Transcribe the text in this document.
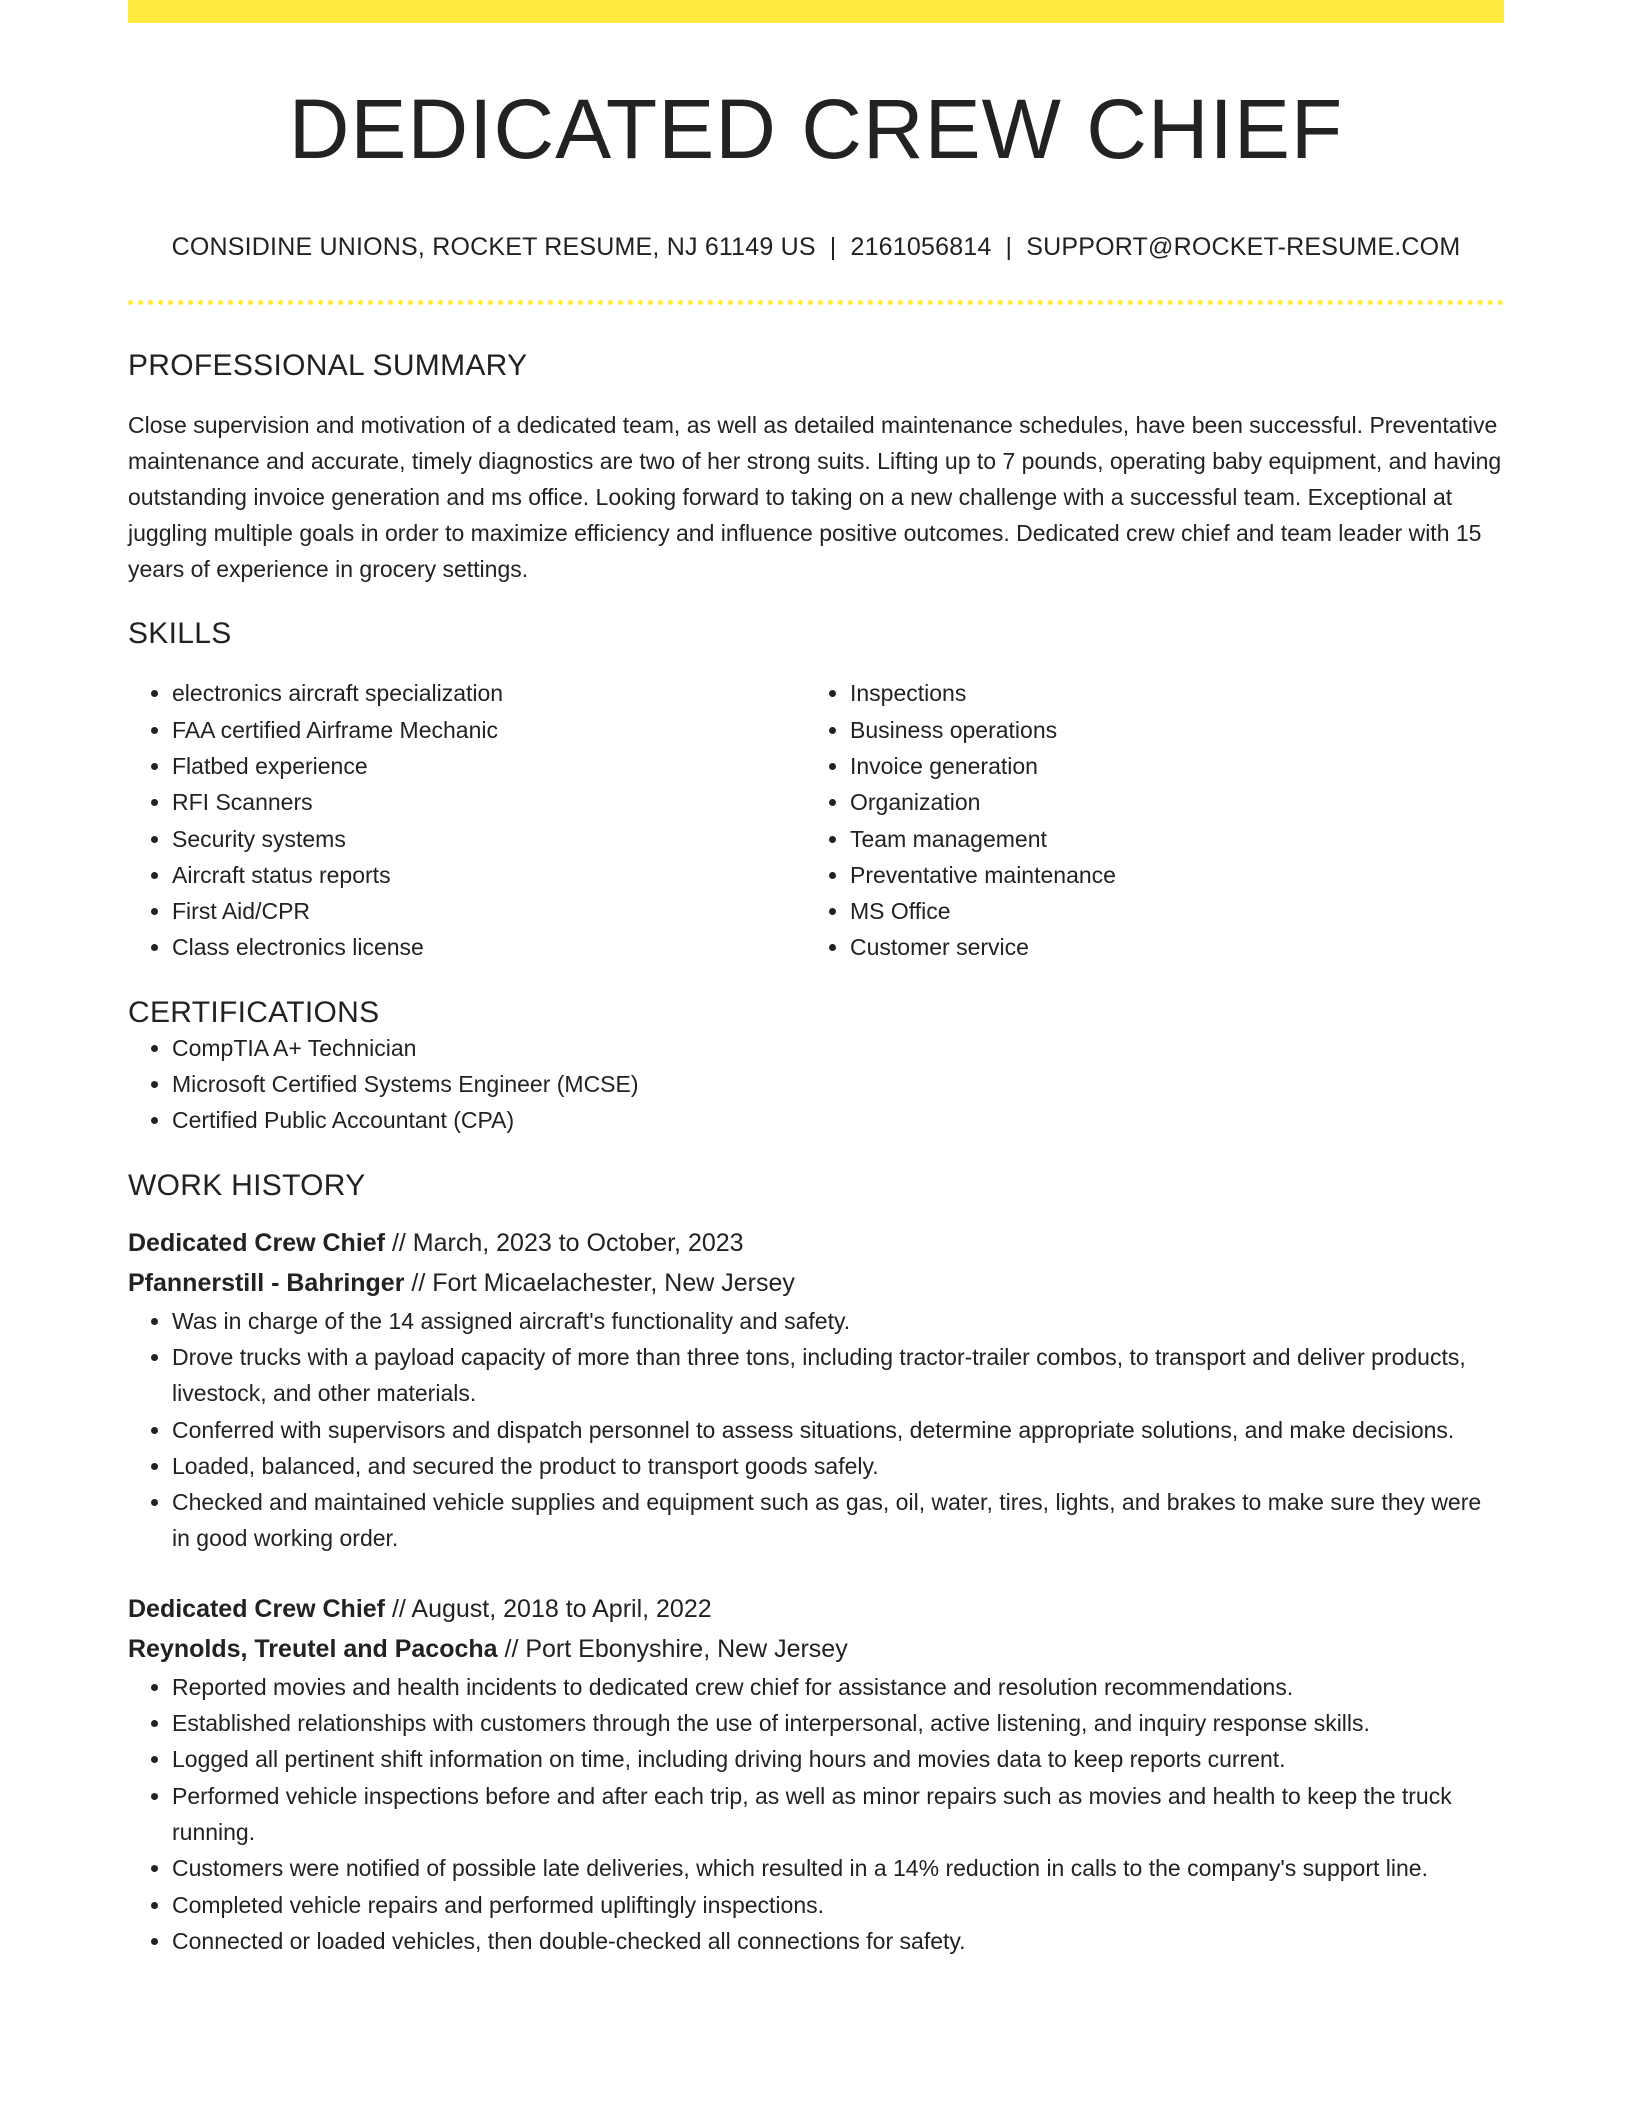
DEDICATED CREW CHIEF
CONSIDINE UNIONS, ROCKET RESUME, NJ 61149 US | 2161056814 | SUPPORT@ROCKET-RESUME.COM
PROFESSIONAL SUMMARY
Close supervision and motivation of a dedicated team, as well as detailed maintenance schedules, have been successful. Preventative maintenance and accurate, timely diagnostics are two of her strong suits. Lifting up to 7 pounds, operating baby equipment, and having outstanding invoice generation and ms office. Looking forward to taking on a new challenge with a successful team. Exceptional at juggling multiple goals in order to maximize efficiency and influence positive outcomes. Dedicated crew chief and team leader with 15 years of experience in grocery settings.
SKILLS
• electronics aircraft specialization
• FAA certified Airframe Mechanic
• Flatbed experience
• RFI Scanners
• Security systems
• Aircraft status reports
• First Aid/CPR
• Class electronics license
• Inspections
• Business operations
• Invoice generation
• Organization
• Team management
• Preventative maintenance
• MS Office
• Customer service
CERTIFICATIONS
• CompTIA A+ Technician
• Microsoft Certified Systems Engineer (MCSE)
• Certified Public Accountant (CPA)
WORK HISTORY
Dedicated Crew Chief // March, 2023 to October, 2023
Pfannerstill - Bahringer // Fort Micaelachester, New Jersey
• Was in charge of the 14 assigned aircraft's functionality and safety.
• Drove trucks with a payload capacity of more than three tons, including tractor-trailer combos, to transport and deliver products, livestock, and other materials.
• Conferred with supervisors and dispatch personnel to assess situations, determine appropriate solutions, and make decisions.
• Loaded, balanced, and secured the product to transport goods safely.
• Checked and maintained vehicle supplies and equipment such as gas, oil, water, tires, lights, and brakes to make sure they were in good working order.
Dedicated Crew Chief // August, 2018 to April, 2022
Reynolds, Treutel and Pacocha // Port Ebonyshire, New Jersey
• Reported movies and health incidents to dedicated crew chief for assistance and resolution recommendations.
• Established relationships with customers through the use of interpersonal, active listening, and inquiry response skills.
• Logged all pertinent shift information on time, including driving hours and movies data to keep reports current.
• Performed vehicle inspections before and after each trip, as well as minor repairs such as movies and health to keep the truck running.
• Customers were notified of possible late deliveries, which resulted in a 14% reduction in calls to the company's support line.
• Completed vehicle repairs and performed upliftingly inspections.
• Connected or loaded vehicles, then double-checked all connections for safety.
